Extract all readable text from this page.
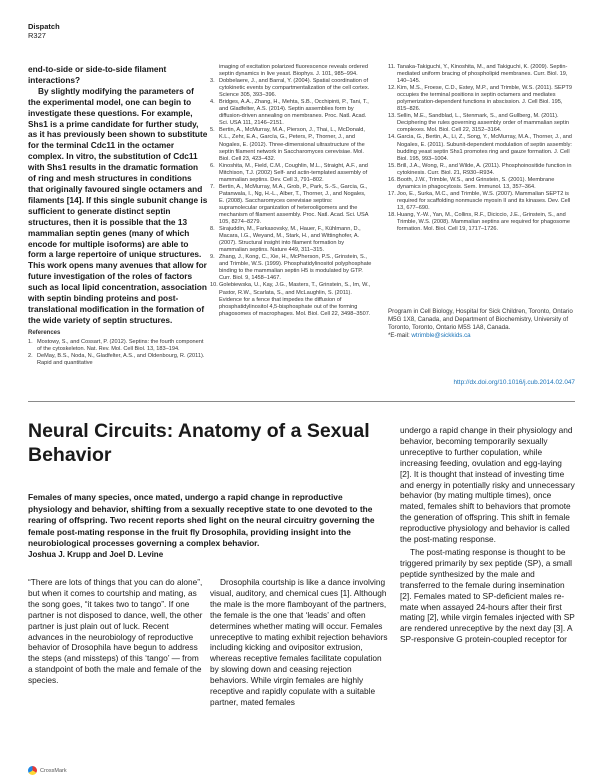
Dispatch
R327

end-to-side or side-to-side filament interactions?

By slightly modifying the parameters of the experimental model, one can begin to investigate these questions. For example, Shs1 is a prime candidate for further study, as it has previously been shown to substitute for the terminal Cdc11 in the octamer complex. In vitro, the substitution of Cdc11 with Shs1 results in the dramatic formation of ring and mesh structures in conditions that originally favoured single octamers and filaments [14]. If this single subunit change is sufficient to generate distinct septin structures, then it is possible that the 13 mammalian septin genes (many of which encode for multiple isoforms) are able to form a large repertoire of unique structures. This work opens many avenues that allow for future investigation of the roles of factors such as local lipid concentration, association with septin binding proteins and post-translational modification in the formation of the wide variety of septin structures.

References
1. Mostowy, S., and Cossart, P. (2012). Septins: the fourth component of the cytoskeleton. Nat. Rev. Mol. Cell Biol. 13, 183–194.
2. DeMay, B.S., Noda, N., Gladfelter, A.S., and Oldenbourg, R. (2011). Rapid and quantitative
imaging of excitation polarized fluorescence reveals ordered septin dynamics in live yeast. Biophys. J. 101, 985–994.
3. Dobbelaere, J., and Barral, Y. (2004). Spatial coordination of cytokinetic events by compartmentalization of the cell cortex. Science 305, 393–396.
4. Bridges, A.A., Zhang, H., Mehta, S.B., Occhipinti, P., Tani, T., and Gladfelter, A.S. (2014). Septin assemblies form by diffusion-driven annealing on membranes. Proc. Natl. Acad. Sci. USA 111, 2146–2151.
5. Bertin, A., McMurray, M.A., Pierson, J., Thai, L., McDonald, K.L., Zehr, E.A., García, G., Peters, P., Thorner, J., and Nogales, E. (2012). Three-dimensional ultrastructure of the septin filament network in Saccharomyces cerevisiae. Mol. Biol. Cell 23, 423–432.
6. Kinoshita, M., Field, C.M., Coughlin, M.L., Straight, A.F., and Mitchison, T.J. (2002) Self- and actin-templated assembly of mammalian septins. Dev. Cell 3, 791–802.
7. Bertin, A., McMurray, M.A., Grob, P., Park, S.-S., Garcia, G., Patanwala, I., Ng, H.-L., Alber, T., Thorner, J., and Nogales, E. (2008). Saccharomyces cerevisiae septins: supramolecular organization of heterooligomers and the mechanism of filament assembly. Proc. Natl. Acad. Sci. USA 105, 8274–8279.
8. Sirajuddin, M., Farkasovsky, M., Hauer, F., Kühlmann, D., Macara, I.G., Weyand, M., Stark, H., and Wittinghofer, A. (2007). Structural insight into filament formation by mammalian septins. Nature 449, 311–315.
9. Zhang, J., Kong, C., Xie, H., McPherson, P.S., Grinstein, S., and Trimble, W.S. (1999). Phosphatidylinositol polyphosphate binding to the mammalian septin H5 is modulated by GTP. Curr. Biol. 9, 1458–1467.
10. Golebiewska, U., Kay, J.G., Masters, T., Grinstein, S., Im, W., Pastor, R.W., Scarlata, S., and McLaughlin, S. (2011). Evidence for a fence that impedes the diffusion of phosphatidylinositol 4,5-bisphosphate out of the forming phagosomes of macrophages. Mol. Biol. Cell 22, 3498–3507.
11. Tanaka-Takiguchi, Y., Kinoshita, M., and Takiguchi, K. (2009). Septin-mediated uniform bracing of phospholipid membranes. Curr. Biol. 19, 140–145.
12. Kim, M.S., Froese, C.D., Estey, M.P., and Trimble, W.S. (2011). SEPT9 occupies the terminal positions in septin octamers and mediates polymerization-dependent functions in abscission. J. Cell Biol. 195, 815–826.
13. Sellin, M.E., Sandblad, L., Stenmark, S., and Gullberg, M. (2011). Deciphering the rules governing assembly order of mammalian septin complexes. Mol. Biol. Cell 22, 3152–3164.
14. Garcia, G., Bertin, A., Li, Z., Song, Y., McMurray, M.A., Thorner, J., and Nogales, E. (2011). Subunit-dependent modulation of septin assembly: budding yeast septin Shs1 promotes ring and gauze formation. J. Cell Biol. 195, 993–1004.
15. Brill, J.A., Wong, R., and Wilde, A. (2011). Phosphoinositide function in cytokinesis. Curr. Biol. 21, R930–R934.
16. Booth, J.W., Trimble, W.S., and Grinstein, S. (2001). Membrane dynamics in phagocytosis. Sem. Immunol. 13, 357–364.
17. Joo, E., Surka, M.C., and Trimble, W.S. (2007). Mammalian SEPT2 is required for scaffolding nonmuscle myosin II and its kinases. Dev. Cell 13, 677–690.
18. Huang, Y.-W., Yan, M., Collins, R.F., Diciccio, J.E., Grinstein, S., and Trimble, W.S. (2008). Mammalian septins are required for phagosome formation. Mol. Biol. Cell 19, 1717–1726.
Program in Cell Biology, Hospital for Sick Children, Toronto, Ontario M5G 1X8, Canada, and Department of Biochemistry, University of Toronto, Toronto, Ontario M5S 1A8, Canada.
*E-mail: wtrimble@sickkids.ca
http://dx.doi.org/10.1016/j.cub.2014.02.047
Neural Circuits: Anatomy of a Sexual Behavior
Females of many species, once mated, undergo a rapid change in reproductive physiology and behavior, shifting from a sexually receptive state to one devoted to the rearing of offspring. Two recent reports shed light on the neural circuitry governing the female post-mating response in the fruit fly Drosophila, providing insight into the neurobiological processes governing a complex behavior.
Joshua J. Krupp and Joel D. Levine

“There are lots of things that you can do alone”, but when it comes to courtship and mating, as the song goes, “it takes two to tango”. If one partner is not disposed to dance, well, the other partner is just plain out of luck. Recent advances in the neurobiology of reproductive behavior of Drosophila have begun to address the steps (and missteps) of this ‘tango’ — from a standpoint of both the male and female of the species.

Drosophila courtship is like a dance involving visual, auditory, and chemical cues [1]. Although the male is the more flamboyant of the partners, the female is the one that ‘leads’ and often determines whether mating will occur. Females unreceptive to mating exhibit rejection behaviors including kicking and ovipositor extrusion, whereas receptive females facilitate copulation by slowing down and ceasing rejection behaviors. While virgin females are highly receptive and rapidly copulate with a suitable partner, mated females

undergo a rapid change in their physiology and behavior, becoming temporarily sexually unreceptive to further copulation, while increasing feeding, ovulation and egg-laying [2]. It is thought that instead of investing time and energy in potentially risky and unnecessary behavior (by mating multiple times), once mated, females shift to behaviors that promote the generation of offspring. This shift in female reproductive physiology and behavior is called the post-mating response.

The post-mating response is thought to be triggered primarily by sex peptide (SP), a small peptide synthesized by the male and transferred to the female during insemination [2]. Females mated to SP-deficient males re-mate when assayed 24-hours after their first mating [2], while virgin females injected with SP are rendered unreceptive by the next day [3]. A SP-responsive G protein-coupled receptor for

CrossMark
